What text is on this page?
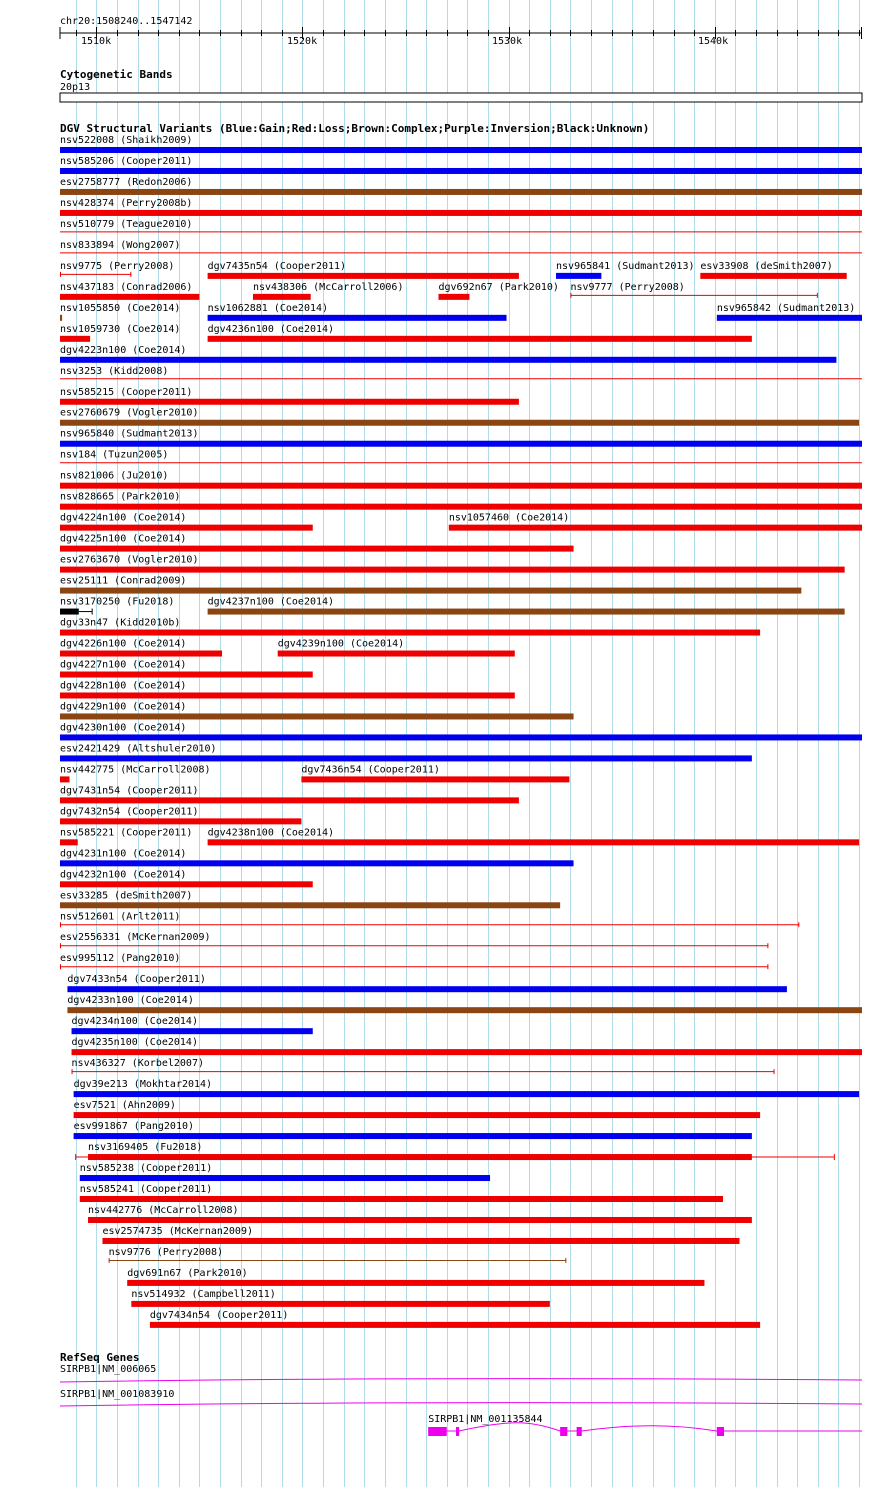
chr20:1508240..1547142
1510k	1520k	1530k	1540k
Cytogenetic Bands
20p13
DGV Structural Variants (Blue:Gain;Red:Loss;Brown:Complex;Purple:Inversion;Black:Unknown)
nsv522008 (Shaikh2009)
nsv585206 (Cooper2011)
esv2758777 (Redon2006)
nsv428374 (Perry2008b)
nsv510779 (Teague2010)
nsv833894 (Wong2007)
nsv9775 (Perry2008)	dgv7435n54 (Cooper2011)	nsv965841 (Sudmant2013) esv33908 (deSmith2007)
nsv437183 (Conrad2006)	nsv438306 (McCarroll2006)	dgv692n67 (Park2010) nsv9777 (Perry2008)
nsv1055850 (Coe2014)	nsv1062881 (Coe2014)	nsv965842 (Sudmant2013)
nsv1059730 (Coe2014)	dgv4236n100 (Coe2014)
dgv4223n100 (Coe2014)
nsv3253 (Kidd2008)
nsv585215 (Cooper2011)
esv2760679 (Vogler2010)
nsv965840 (Sudmant2013)
nsv184 (Tuzun2005)
nsv821006 (Ju2010)
nsv828665 (Park2010)
dgv4224n100 (Coe2014)	nsv1057460 (Coe2014)
dgv4225n100 (Coe2014)
esv2763670 (Vogler2010)
esv25111 (Conrad2009)
nsv3170250 (Fu2018)	dgv4237n100 (Coe2014)
dgv33n47 (Kidd2010b)
dgv4226n100 (Coe2014)	dgv4239n100 (Coe2014)
dgv4227n100 (Coe2014)
dgv4228n100 (Coe2014)
dgv4229n100 (Coe2014)
dgv4230n100 (Coe2014)
esv2421429 (Altshuler2010)
nsv442775 (McCarroll2008)	dgv7436n54 (Cooper2011)
dgv7431n54 (Cooper2011)
dgv7432n54 (Cooper2011)
nsv585221 (Cooper2011) dgv4238n100 (Coe2014)
dgv4231n100 (Coe2014)
dgv4232n100 (Coe2014)
esv33285 (deSmith2007)
nsv512601 (Arlt2011)
esv2556331 (McKernan2009)
esv995112 (Pang2010)
dgv7433n54 (Cooper2011)
dgv4233n100 (Coe2014)
dgv4234n100 (Coe2014)
dgv4235n100 (Coe2014)
nsv436327 (Korbel2007)
dgv39e213 (Mokhtar2014)
esv7521 (Ahn2009)
esv991867 (Pang2010)
nsv3169405 (Fu2018)
nsv585238 (Cooper2011)
nsv585241 (Cooper2011)
nsv442776 (McCarroll2008)
esv2574735 (McKernan2009)
nsv9776 (Perry2008)
dgv691n67 (Park2010)
nsv514932 (Campbell2011)
dgv7434n54 (Cooper2011)
RefSeq Genes
SIRPB1|NM_006065
SIRPB1|NM_001083910
SIRPB1|NM_001135844
